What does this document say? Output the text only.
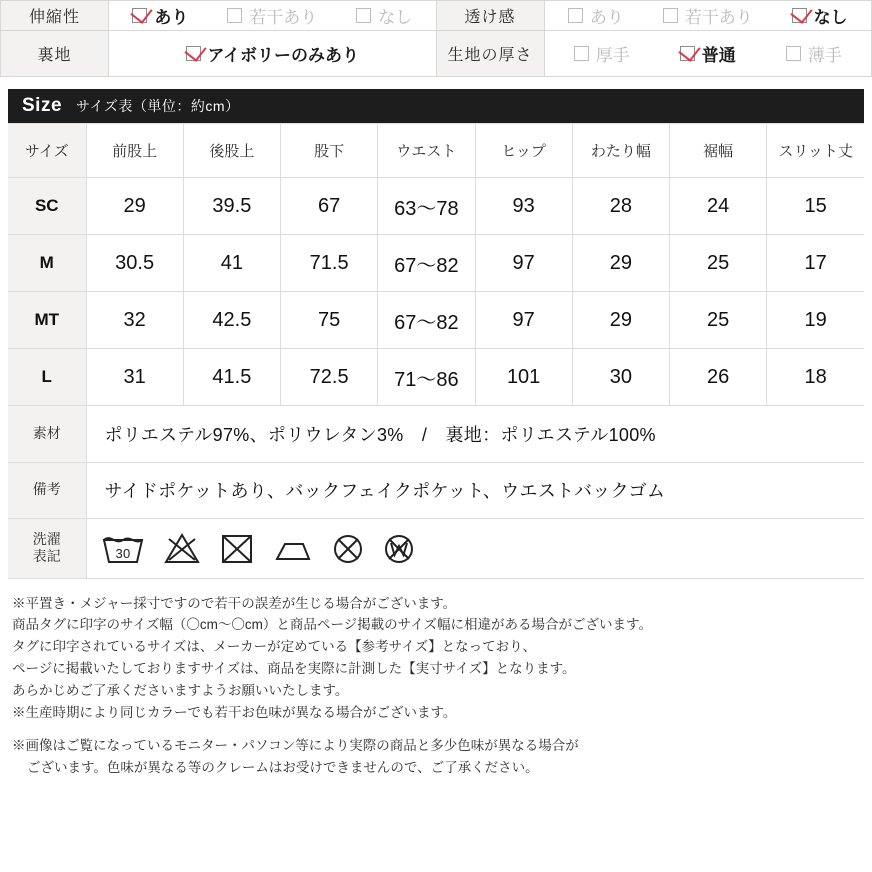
伸縮性	あり 若干あり なし	透け感	あり 若干あり なし

裏地	アイボリーのみあり	生地の厚さ	厚手 普通 薄手
Size サイズ表（単位：約cm）
サイズ	前股上	後股上	股下	ウエスト	ヒップ	わたり幅	裾幅	スリット丈
SC	29	39.5	67	63〜78	93	28	24	15
M	30.5	41	71.5	67〜82	97	29	25	17
MT	32	42.5	75	67〜82	97	29	25	19
L	31	41.5	72.5	71〜86	101	30	26	18
素材	ポリエステル97%、ポリウレタン3%　/　裏地：ポリエステル100%
備考	サイドポケットあり、バックフェイクポケット、ウエストバックゴム
洗濯
表記	30

※平置き・メジャー採寸ですので若干の誤差が生じる場合がございます。

商品タグに印字のサイズ幅（〇cm〜〇cm）と商品ページ掲載のサイズ幅に相違がある場合がございます。

タグに印字されているサイズは、メーカーが定めている【参考サイズ】となっており、

ページに掲載いたしておりますサイズは、商品を実際に計測した【実寸サイズ】となります。

あらかじめご了承くださいますようお願いいたします。

※生産時期により同じカラーでも若干お色味が異なる場合がございます。

※画像はご覧になっているモニター・パソコン等により実際の商品と多少色味が異なる場合が

ございます。色味が異なる等のクレームはお受けできませんので、ご了承ください。
